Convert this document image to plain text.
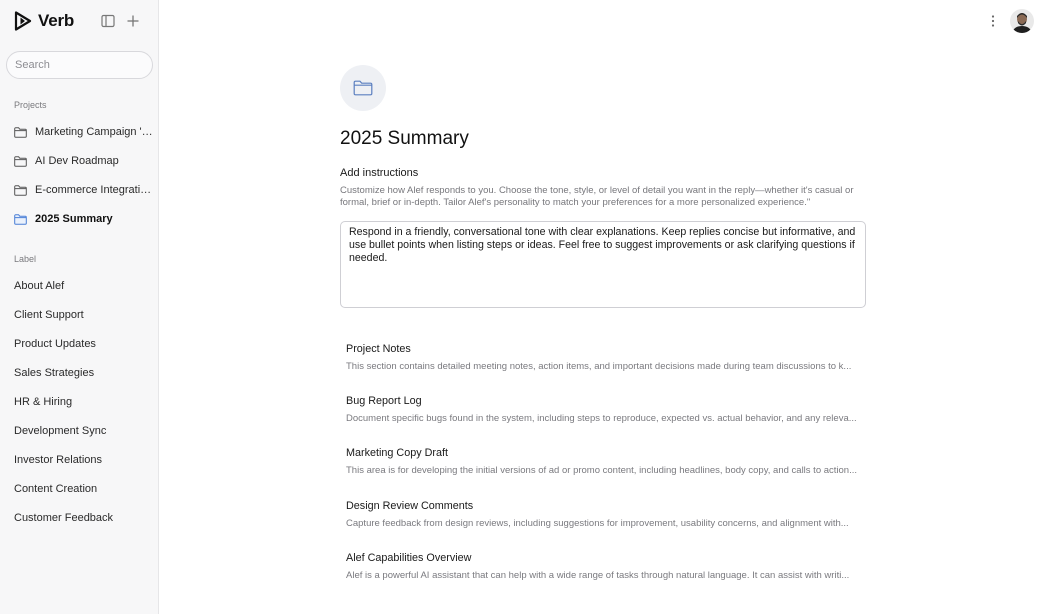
Verb
Search
Projects
Marketing Campaign '…
AI Dev Roadmap
E-commerce Integrati…
2025 Summary
Label
About Alef
Client Support
Product Updates
Sales Strategies
HR & Hiring
Development Sync
Investor Relations
Content Creation
Customer Feedback
2025 Summary
Add instructions
Customize how Alef responds to you. Choose the tone, style, or level of detail you want in the reply—whether it's casual or formal, brief or in-depth. Tailor Alef's personality to match your preferences for a more personalized experience."
Respond in a friendly, conversational tone with clear explanations. Keep replies concise but informative, and use bullet points when listing steps or ideas. Feel free to suggest improvements or ask clarifying questions if needed.
Project Notes
This section contains detailed meeting notes, action items, and important decisions made during team discussions to k...
Bug Report Log
Document specific bugs found in the system, including steps to reproduce, expected vs. actual behavior, and any releva...
Marketing Copy Draft
This area is for developing the initial versions of ad or promo content, including headlines, body copy, and calls to action...
Design Review Comments
Capture feedback from design reviews, including suggestions for improvement, usability concerns, and alignment with...
Alef Capabilities Overview
Alef is a powerful AI assistant that can help with a wide range of tasks through natural language. It can assist with writi...
